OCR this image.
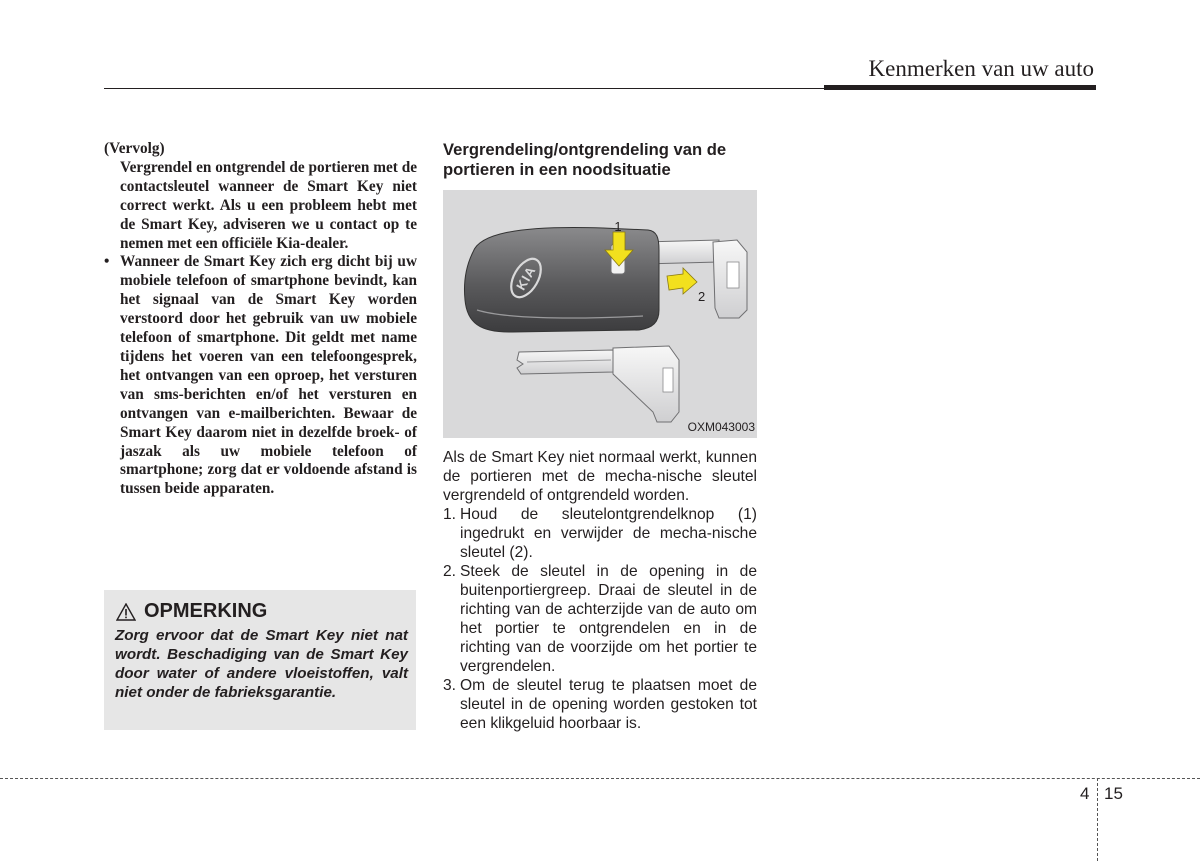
Kenmerken van uw auto

(Vervolg)

Vergrendel en ontgrendel de portieren met de contactsleutel wanneer de Smart Key niet correct werkt. Als u een probleem hebt met de Smart Key, adviseren we u contact op te nemen met een officiële Kia-dealer.

• Wanneer de Smart Key zich erg dicht bij uw mobiele telefoon of smartphone bevindt, kan het signaal van de Smart Key worden verstoord door het gebruik van uw mobiele telefoon of smartphone. Dit geldt met name tijdens het voeren van een telefoongesprek, het ontvangen van een oproep, het versturen van sms-berichten en/of het versturen en ontvangen van e-mailberichten. Bewaar de Smart Key daarom niet in dezelfde broek- of jaszak als uw mobiele telefoon of smartphone; zorg dat er voldoende afstand is tussen beide apparaten.

OPMERKING
Zorg ervoor dat de Smart Key niet nat wordt. Beschadiging van de Smart Key door water of andere vloeistoffen, valt niet onder de fabrieksgarantie.
Vergrendeling/ontgrendeling van de portieren in een noodsituatie
KIA
1
2
OXM043003

Als de Smart Key niet normaal werkt, kunnen de portieren met de mecha-nische sleutel vergrendeld of ontgrendeld worden.

1. Houd de sleutelontgrendelknop (1) ingedrukt en verwijder de mecha-nische sleutel (2).
2. Steek de sleutel in de opening in de buitenportiergreep. Draai de sleutel in de richting van de achterzijde van de auto om het portier te ontgrendelen en in de richting van de voorzijde om het portier te vergrendelen.
3. Om de sleutel terug te plaatsen moet de sleutel in de opening worden gestoken tot een klikgeluid hoorbaar is.
4 15
